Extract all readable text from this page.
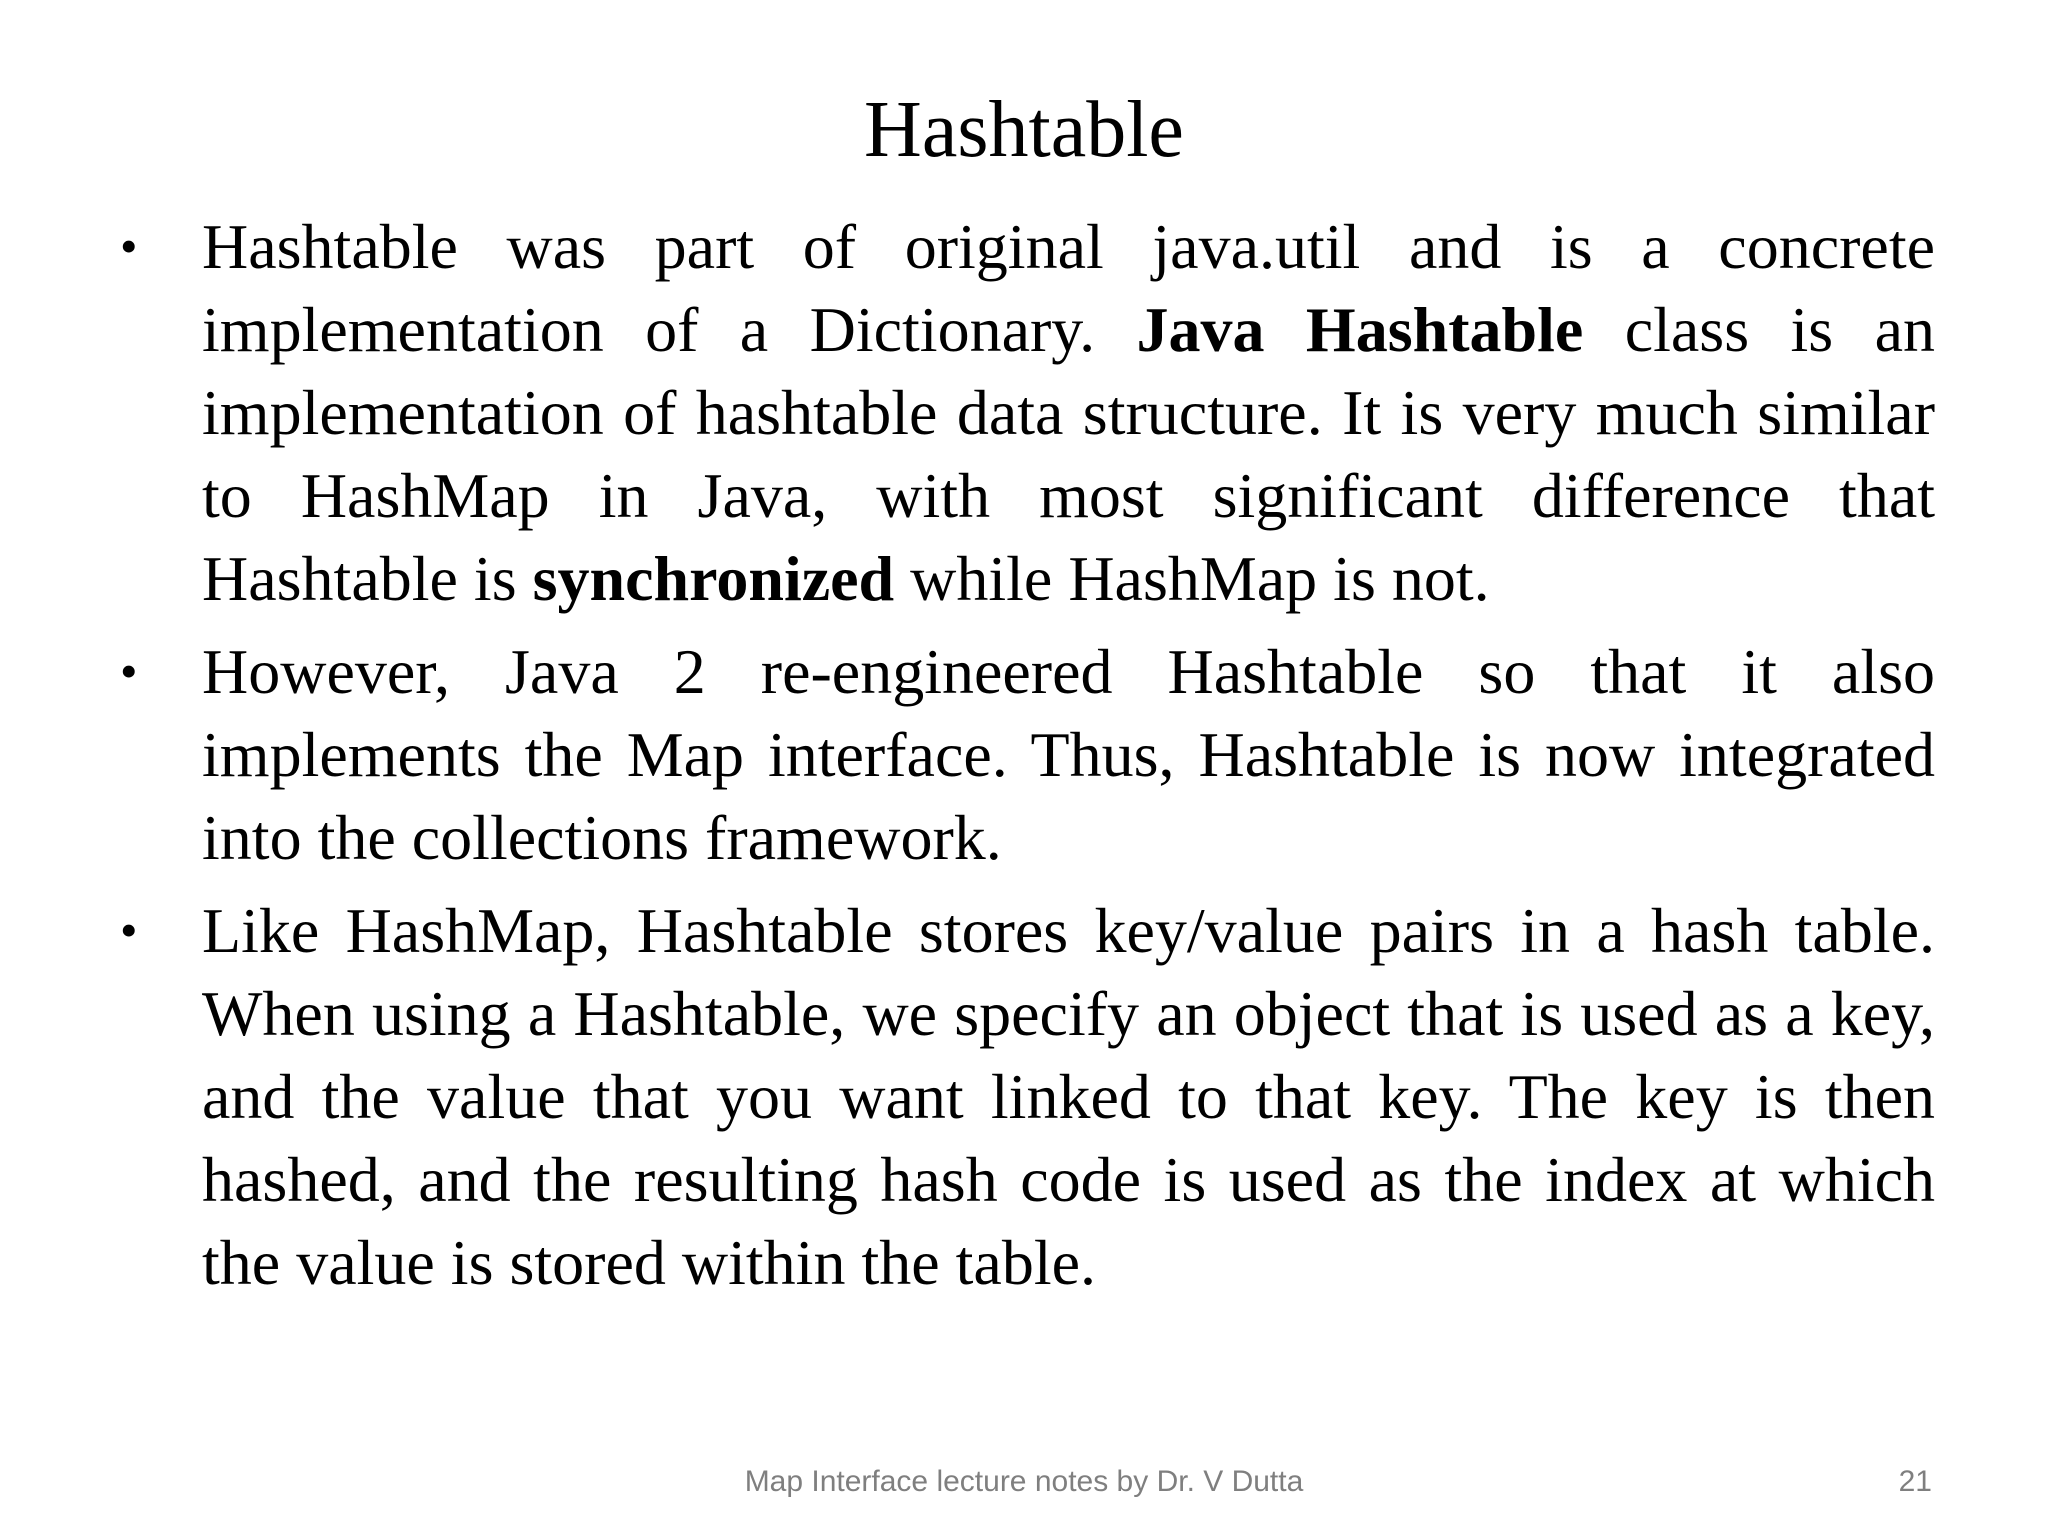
Hashtable
•	Hashtable was part of original java.util and is a concrete implementation of a Dictionary. Java Hashtable class is an implementation of hashtable data structure. It is very much similar to HashMap in Java, with most significant difference that Hashtable is synchronized while HashMap is not.
•	However, Java 2 re-engineered Hashtable so that it also implements the Map interface. Thus, Hashtable is now integrated into the collections framework.
•	Like HashMap, Hashtable stores key/value pairs in a hash table. When using a Hashtable, we specify an object that is used as a key, and the value that you want linked to that key. The key is then hashed, and the resulting hash code is used as the index at which the value is stored within the table.
Map Interface lecture notes by Dr. V Dutta	21
